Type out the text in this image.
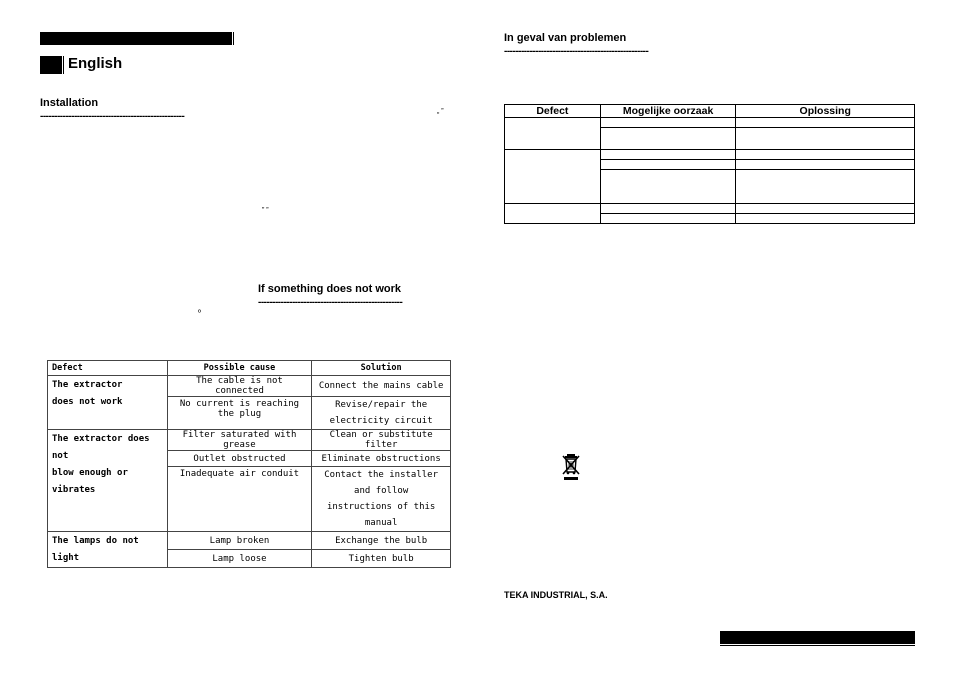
English
Installation
---------------------------------------------------	„ ”
” ”
If something does not work
---------------------------------------------------
º
Defect	Possible cause	Solution

The extractor
does not work	The cable is not connected	Connect the mains cable
	No current is reaching the plug	Revise/repair the
electricity circuit

The extractor does not
blow enough or vibrates	Filter saturated with grease	Clean or substitute filter
	Outlet obstructed	Eliminate obstructions
	Inadequate air conduit	Contact the installer and follow
instructions of this manual

The lamps do not light	Lamp broken	Exchange the bulb
	Lamp loose	Tighten bulb
In geval van problemen
---------------------------------------------------
Defect	Mogelijke oorzaak	Oplossing

TEKA INDUSTRIAL, S.A.
